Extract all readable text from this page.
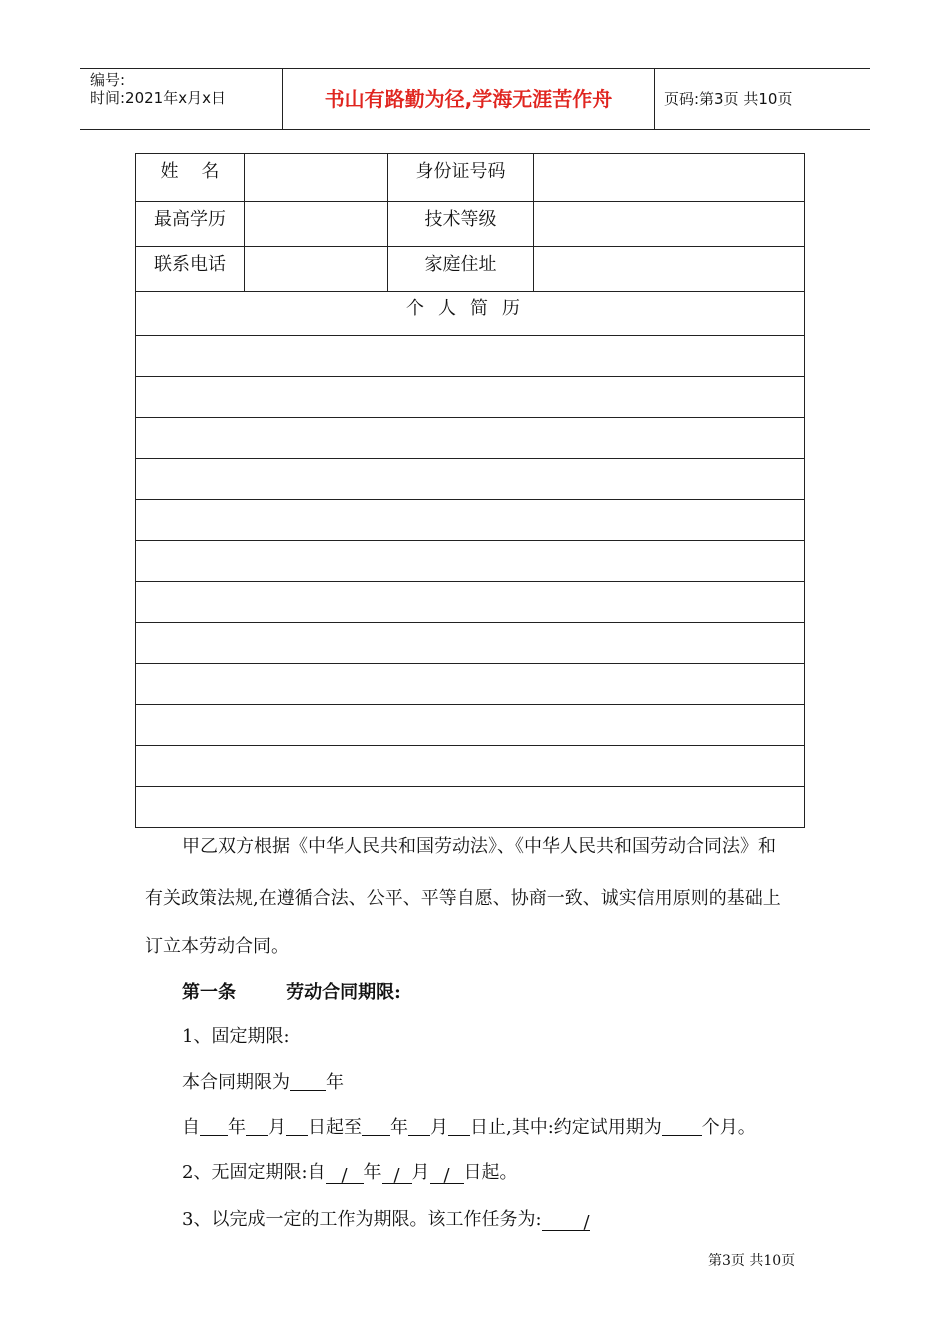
编号:
时间:2021年x月x日	书山有路勤为径,学海无涯苦作舟	页码:第3页 共10页
姓    名		身份证号码	
最高学历		技术等级	
联系电话		家庭住址	
个人简历			

甲乙双方根据《中华人民共和国劳动法》、《中华人民共和国劳动合同法》和
有关政策法规,在遵循合法、公平、平等自愿、协商一致、诚实信用原则的基础上
订立本劳动合同。
第一条        劳动合同期限:
1、固定期限:
本合同期限为 年
自 年 月 日起至 年 月 日止,其中:约定试用期为 个月。
2、无固定期限:自 / 年 / 月 / 日起。
3、以完成一定的工作为期限。该工作任务为: /
第3页 共10页
